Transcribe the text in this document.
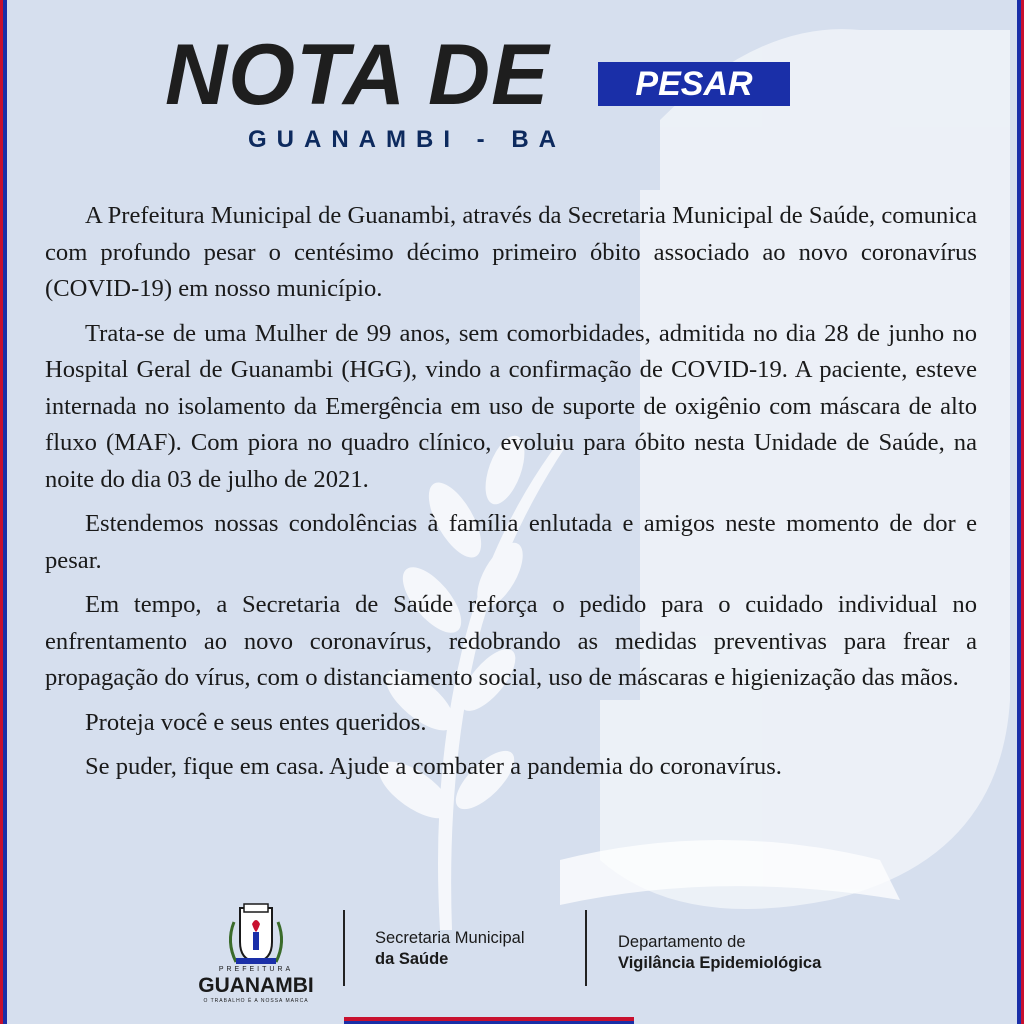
NOTA DE	PESAR
GUANAMBI - BA

A Prefeitura Municipal de Guanambi, através da Secretaria Municipal de Saúde, comunica com profundo pesar o centésimo décimo primeiro óbito associado ao novo coronavírus (COVID-19) em nosso município.

Trata-se de uma Mulher de 99 anos, sem comorbidades, admitida no dia 28 de junho no Hospital Geral de Guanambi (HGG), vindo a confirmação de COVID-19. A paciente, esteve internada no isolamento da Emergência em uso de suporte de oxigênio com máscara de alto fluxo (MAF). Com piora no quadro clínico, evoluiu para óbito nesta Unidade de Saúde, na noite do dia 03 de julho de 2021.

Estendemos nossas condolências à família enlutada e amigos neste momento de dor e pesar.

Em tempo, a Secretaria de Saúde reforça o pedido para o cuidado individual no enfrentamento ao novo coronavírus, redobrando as medidas preventivas para frear a propagação do vírus, com o distanciamento social, uso de máscaras e higienização das mãos.

Proteja você e seus entes queridos.

Se puder, fique em casa. Ajude a combater a pandemia do coronavírus.

PREFEITURA
GUANAMBI
O TRABALHO É A NOSSA MARCA
Secretaria Municipal
da Saúde
Departamento de
Vigilância Epidemiológica
